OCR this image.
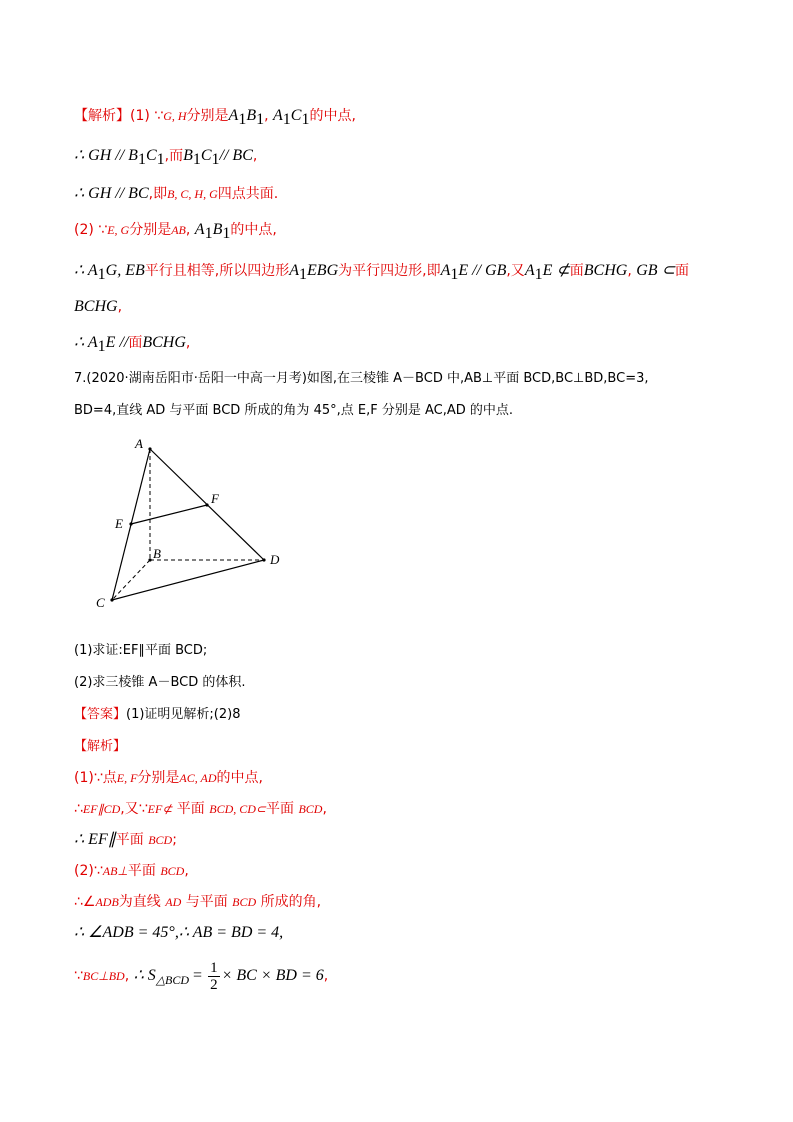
【解析】(1) ∵G, H分别是$A_1B_1$, $A_1C_1$的中点,
∴ GH // $B_1C_1$,而$B_1C_1//$ BC,
∴ GH // BC,即B, C, H, G四点共面.
(2) ∵E, G分别是AB, $A_1B_1$的中点,
∴ $A_1G$, EB平行且相等,所以四边形$A_1EBG$为平行四边形,即$A_1E$ // GB,又$A_1E$ ⊄面BCHG, GB ⊂面
BCHG,
∴ $A_1E$ //面BCHG,
7.(2020·湖南岳阳市·岳阳一中高一月考)如图,在三棱锥 A－BCD 中,AB⊥平面 BCD,BC⊥BD,BC=3,
BD=4,直线 AD 与平面 BCD 所成的角为 45°,点 E,F 分别是 AC,AD 的中点.
A
B
C
D
E
F
(1)求证:EF∥平面 BCD;
(2)求三棱锥 A－BCD 的体积.
【答案】(1)证明见解析;(2)8
【解析】
(1)∵点E, F分别是AC, AD的中点,
∴EF∥CD,又∵EF⊄ 平面 BCD, CD⊂平面 BCD,
∴ EF∥平面 BCD;
(2)∵AB⊥平面 BCD,
∴∠ADB为直线 AD 与平面 BCD 所成的角,
∴ ∠ADB = 45°,∴ AB = BD = 4,
∵BC⊥BD, ∴ $S_{\triangle BCD} = \frac{1}{2}$ × BC × BD = 6,
